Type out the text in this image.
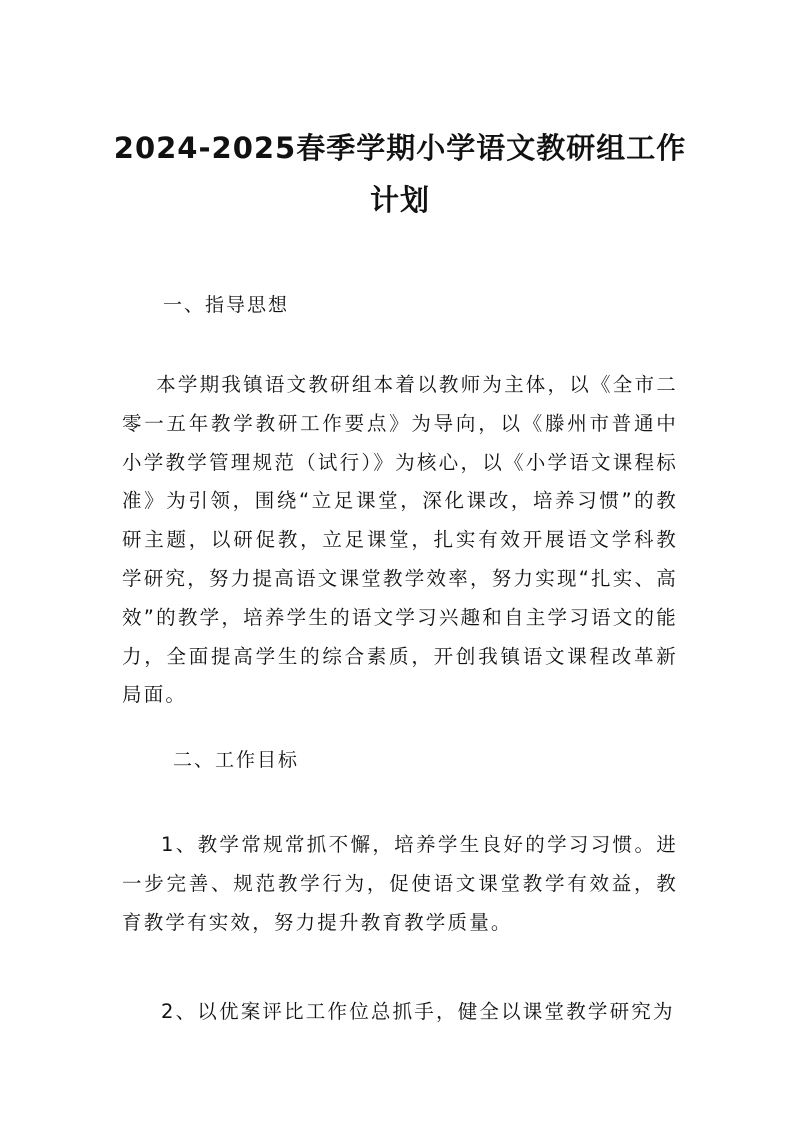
2024-2025春季学期小学语文教研组工作计划
一、指导思想

本学期我镇语文教研组本着以教师为主体，以《全市二零一五年教学教研工作要点》为导向，以《滕州市普通中小学教学管理规范（试行）》为核心，以《小学语文课程标准》为引领，围绕“立足课堂，深化课改，培养习惯”的教研主题，以研促教，立足课堂，扎实有效开展语文学科教学研究，努力提高语文课堂教学效率，努力实现“扎实、高效”的教学，培养学生的语文学习兴趣和自主学习语文的能力，全面提高学生的综合素质，开创我镇语文课程改革新局面。

二、工作目标

1、教学常规常抓不懈，培养学生良好的学习习惯。进一步完善、规范教学行为，促使语文课堂教学有效益，教育教学有实效，努力提升教育教学质量。

2、以优案评比工作位总抓手，健全以课堂教学研究为
